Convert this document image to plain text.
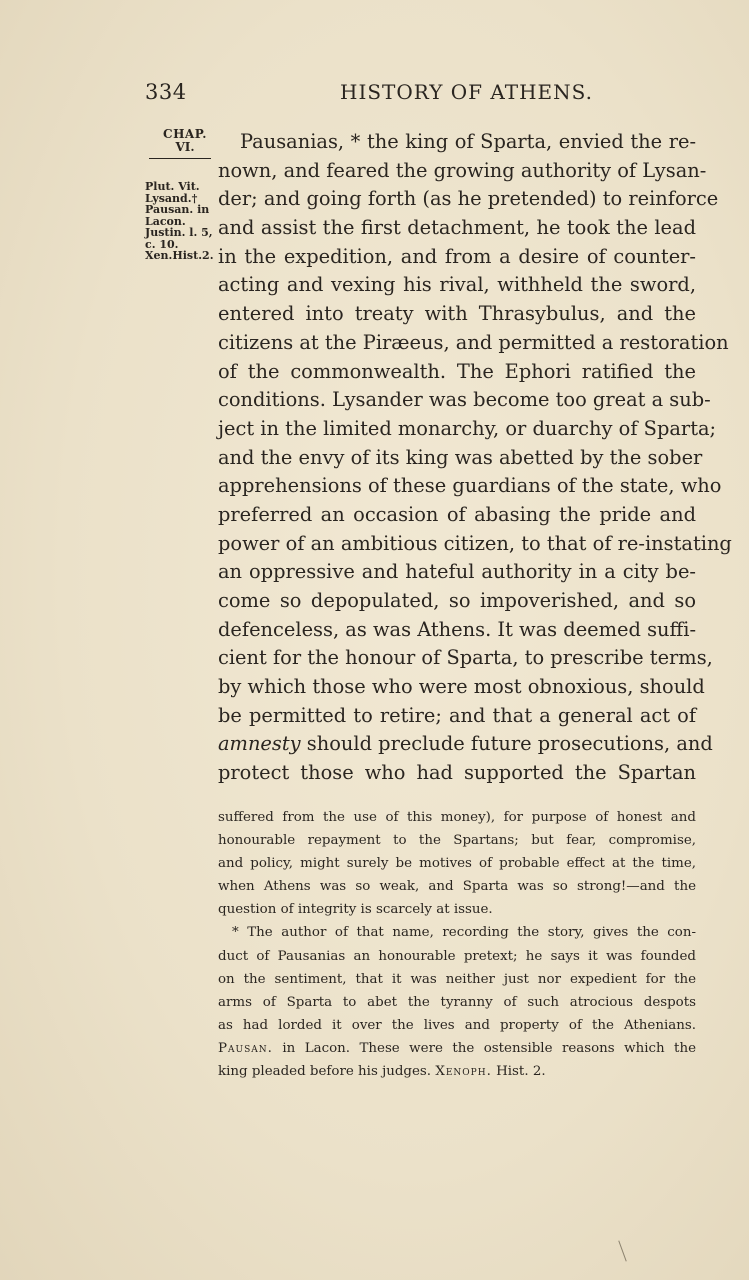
334	HISTORY OF ATHENS.
CHAP.
VI.
Plut. Vit.
Lysand.†
Pausan. in
Lacon.
Justin. l. 5,
c. 10.
Xen.Hist.2.
Pausanias, * the king of Sparta, envied the re-
nown, and feared the growing authority of Lysan-
der; and going forth (as he pretended) to reinforce
and assist the first detachment, he took the lead
in the expedition, and from a desire of counter-
acting and vexing his rival, withheld the sword,
entered into treaty with Thrasybulus, and the
citizens at the Piræeus, and permitted a restoration
of the commonwealth. The Ephori ratified the
conditions. Lysander was become too great a sub-
ject in the limited monarchy, or duarchy of Sparta;
and the envy of its king was abetted by the sober
apprehensions of these guardians of the state, who
preferred an occasion of abasing the pride and
power of an ambitious citizen, to that of re-instating
an oppressive and hateful authority in a city be-
come so depopulated, so impoverished, and so
defenceless, as was Athens. It was deemed suffi-
cient for the honour of Sparta, to prescribe terms,
by which those who were most obnoxious, should
be permitted to retire; and that a general act of
amnesty should preclude future prosecutions, and
protect those who had supported the Spartan
suffered from the use of this money), for purpose of honest and
honourable repayment to the Spartans; but fear, compromise,
and policy, might surely be motives of probable effect at the time,
when Athens was so weak, and Sparta was so strong!—and the
question of integrity is scarcely at issue.
* The author of that name, recording the story, gives the con-
duct of Pausanias an honourable pretext; he says it was founded
on the sentiment, that it was neither just nor expedient for the
arms of Sparta to abet the tyranny of such atrocious despots
as had lorded it over the lives and property of the Athenians.
Pausan. in Lacon. These were the ostensible reasons which the
king pleaded before his judges. Xenoph. Hist. 2.
